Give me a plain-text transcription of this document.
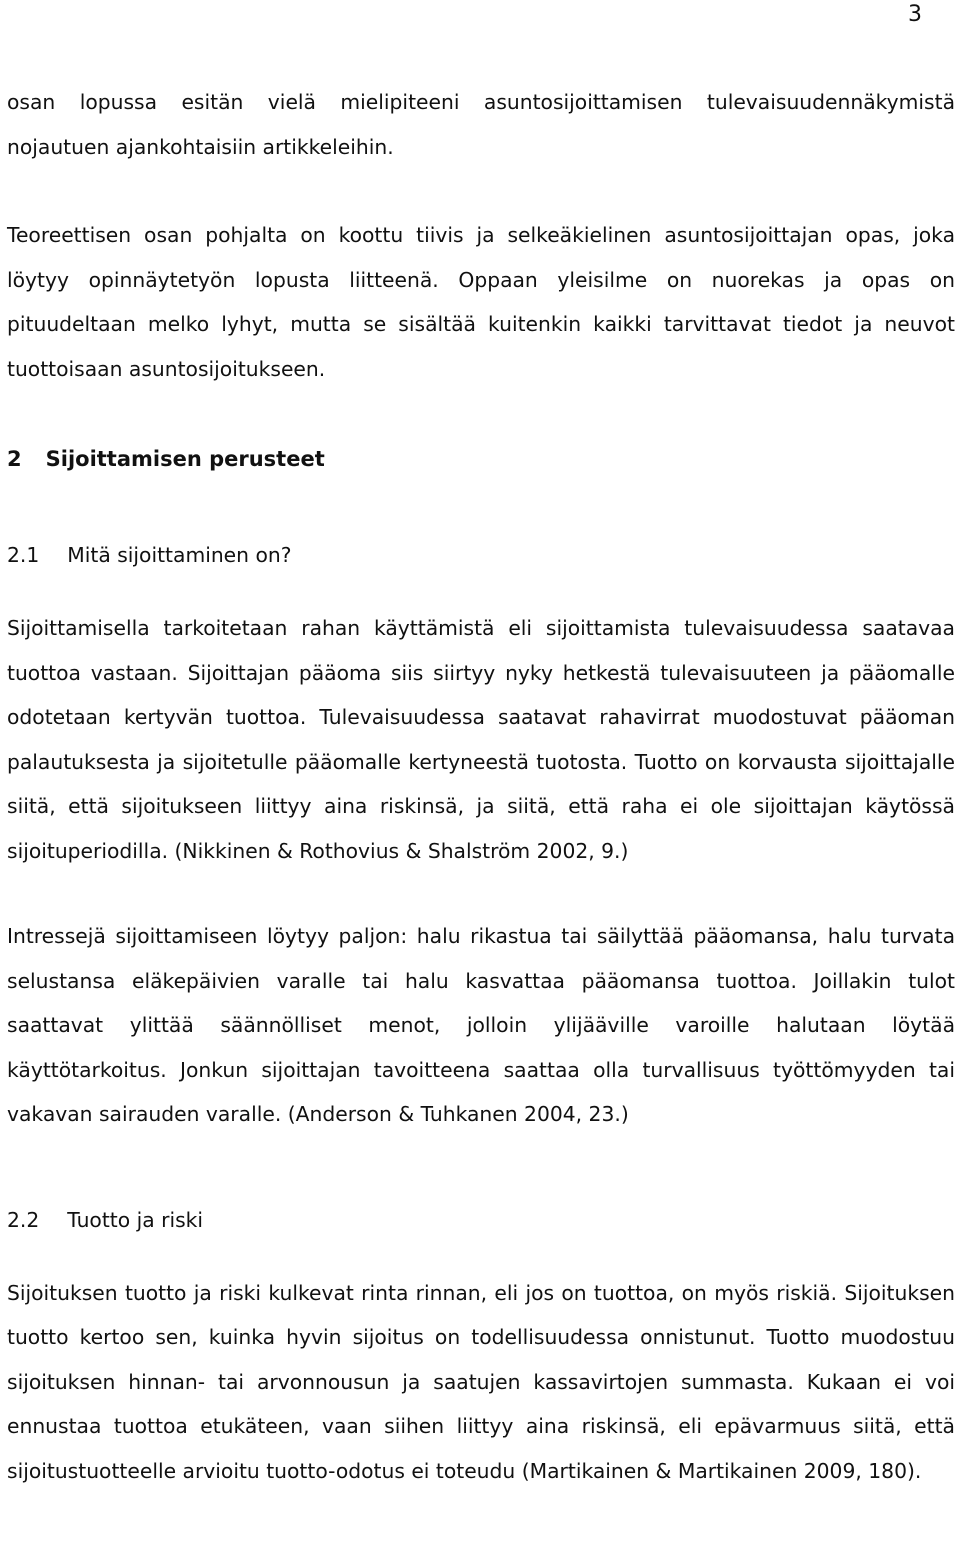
3

osan lopussa esitän vielä mielipiteeni asuntosijoittamisen tulevaisuudennäkymistä nojautuen ajankohtaisiin artikkeleihin.

Teoreettisen osan pohjalta on koottu tiivis ja selkeäkielinen asuntosijoittajan opas, joka löytyy opinnäytetyön lopusta liitteenä. Oppaan yleisilme on nuorekas ja opas on pituudeltaan melko lyhyt, mutta se sisältää kuitenkin kaikki tarvittavat tiedot ja neuvot tuottoisaan asuntosijoitukseen.

2 Sijoittamisen perusteet
2.1 Mitä sijoittaminen on?

Sijoittamisella tarkoitetaan rahan käyttämistä eli sijoittamista tulevaisuudessa saatavaa tuottoa vastaan. Sijoittajan pääoma siis siirtyy nyky hetkestä tulevaisuuteen ja pääomalle odotetaan kertyvän tuottoa. Tulevaisuudessa saatavat rahavirrat muodostuvat pääoman palautuksesta ja sijoitetulle pääomalle kertyneestä tuotosta. Tuotto on korvausta sijoittajalle siitä, että sijoitukseen liittyy aina riskinsä, ja siitä, että raha ei ole sijoittajan käytössä sijoituperiodilla. (Nikkinen & Rothovius & Shalström 2002, 9.)

Intressejä sijoittamiseen löytyy paljon: halu rikastua tai säilyttää pääomansa, halu turvata selustansa eläkepäivien varalle tai halu kasvattaa pääomansa tuottoa. Joillakin tulot saattavat ylittää säännölliset menot, jolloin ylijääville varoille halutaan löytää käyttötarkoitus. Jonkun sijoittajan tavoitteena saattaa olla turvallisuus työttömyyden tai vakavan sairauden varalle. (Anderson & Tuhkanen 2004, 23.)

2.2 Tuotto ja riski

Sijoituksen tuotto ja riski kulkevat rinta rinnan, eli jos on tuottoa, on myös riskiä. Sijoituksen tuotto kertoo sen, kuinka hyvin sijoitus on todellisuudessa onnistunut. Tuotto muodostuu sijoituksen hinnan- tai arvonnousun ja saatujen kassavirtojen summasta. Kukaan ei voi ennustaa tuottoa etukäteen, vaan siihen liittyy aina riskinsä, eli epävarmuus siitä, että sijoitustuotteelle arvioitu tuotto-odotus ei toteudu (Martikainen & Martikainen 2009, 180).
